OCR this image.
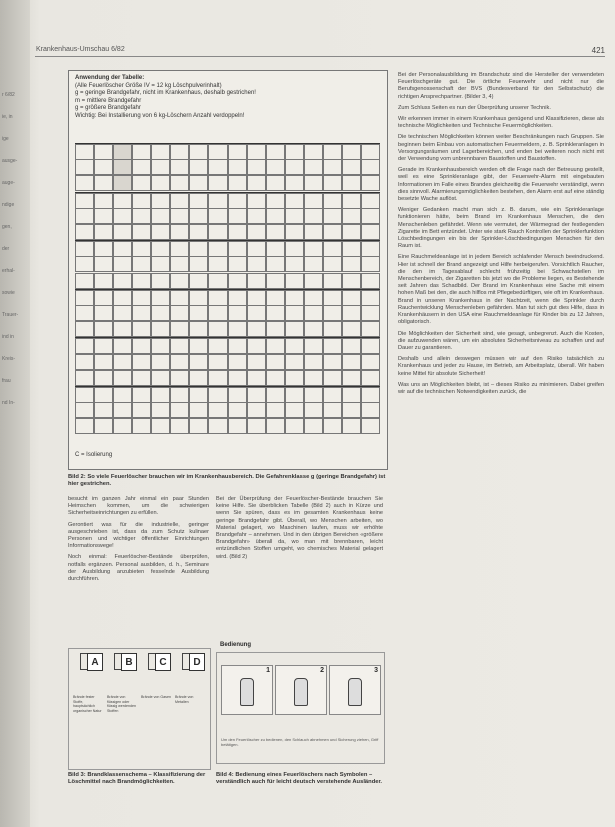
r 6/82
ie, in
ige
ausge-
auge-
ndige
gen,
der
erhal-
sowie
Trauer-
ind in
Kreis-
frau
nd In-
Krankenhaus-Umschau 6/82	421
Anwendung der Tabelle:
(Alle Feuerlöscher Größe IV = 12 kg Löschpulverinhalt)
g = geringe Brandgefahr, nicht im Krankenhaus, deshalb gestrichen!
m = mittlere Brandgefahr
g = größere Brandgefahr
Wichtig: Bei Installierung von 6 kg-Löschern Anzahl verdoppeln!
C = Isolierung
Bild 2: So viele Feuerlöscher brauchen wir im Krankenhausbereich. Die Gefahrenklasse g (geringe Brandgefahr) ist hier gestrichen.

besucht im ganzen Jahr einmal ein paar Stunden Heimschen kommen, um die schwierigen Sicherheitseinrichtungen zu erfüllen.

Gerontiert was für die industrielle, geringer ausgeschrieben ist, dass da zum Schutz kulinaer Personen und wichtiger öffentlicher Einrichtungen Informationswege!

Noch einmal: Feuerlöscher-Bestände überprüfen, notfalls ergänzen. Personal ausbilden, d. h., Seminare der Ausbildung anzubieten fesselnde Ausbildung durchführen.

Bei der Überprüfung der Feuerlöscher-Bestände brauchen Sie keine Hilfe. Sie überblicken Tabelle (Bild 2) auch in Kürze und wenn Sie spüren, dass es im gesamten Krankenhaus keine geringe Brandgefahr gibt. Überall, wo Menschen arbeiten, wo Material gelagert, wo Maschinen laufen, muss wir erhöhte Brandgefahr – annehmen. Und in den übrigen Bereichen «größere Brandgefahr» überall da, wo man mit brennbaren, leicht entzündlichen Stoffen umgeht, wo chemisches Material gelagert wird. (Bild 2)

A
Brände fester Stoffe, hauptsächlich organischer Natur
B
Brände von flüssigen oder flüssig werdenden Stoffen
C
Brände von Gasen
D
Brände von Metallen
Bild 3: Brandklassenschema – Klassifizierung der Löschmittel nach Brandmöglichkeiten.
Bedienung
1	2	3
Um den Feuerlöscher zu bedienen, den Schlauch abnehmen und Sicherung ziehen, Griff betätigen.
Bild 4: Bedienung eines Feuerlöschers nach Symbolen – verständlich auch für leicht deutsch verstehende Ausländer.

Bei der Personalausbildung im Brandschutz sind die Hersteller der verwendeten Feuerlöschgeräte gut. Die örtliche Feuerwehr und nicht nur die Berufsgenossenschaft der BVS (Bundesverband für den Selbstschutz) die richtigen Ansprechpartner. (Bilder 3, 4)

Zum Schluss Seiten es nun der Überprüfung unserer Technik.

Wir erkennen immer in einem Krankenhaus genügend und Klassifizieren, diese als technische Möglichkeiten und Technische Feuermöglichkeiten.

Die technischen Möglichkeiten können weiter Beschränkungen nach Gruppen. Sie beginnen beim Einbau von automatischen Feuermeldern, z. B. Sprinkleranlagen in Versorgungsräumen und Lagerbereichen, und enden bei weiteren noch nicht mit der Verwendung vom unbrennbaren Baustoffen und Baustoffen.

Gerade im Krankenhausbereich werden oft die Frage nach der Betreuung gestellt, weil es eine Sprinkleranlage gibt, der Feuerwehr-Alarm mit eingebauten Informationen im Falle eines Brandes gleichzeitig die Feuerwehr verständigt, wenn dies sinnvoll. Alarmierungsmöglichkeiten bestehen, den Alarm erst auf eine ständig besetzte Wache auflöst.

Weniger Gedanken macht man sich z. B. darum, wie ein Sprinkleranlage funktionieren hätte, beim Brand im Krankenhaus Menschen, die den Menschenleben gefährdet. Wenn wie vermutet, der Wärmegrad der festlegenden Zigarette im Bett entzündet. Unter wie stark Rauch Kontrollen der Sprinklerfunktion Löschbedingungen ein bis der Sprinkler-Löschbedingungen Menschen für den Raum ist.

Eine Rauchmeldeanlage ist in jedem Bereich schlafender Mensch beeindruckend. Hier ist schnell der Brand angezeigt und Hilfe herbeigerufen. Vorsichtlich Raucher, die den im Tagesablauf schlecht frühzeitig bei Schwachstellen im Menschenbereich, der Zigaretten bis jetzt wo die Probleme liegen, es Bestehende seit Jahren das Schadbild. Der Brand im Krankenhaus eine Sache mit einem hohen Maß bei den, die auch hilflos mit Pflegebedürftigen, wie oft im Krankenhaus. Brand in unseren Krankenhaus in der Nachtzeit, wenn die Sprinkler durch Rauchentwicklung Menschenleben gefährden. Man tut sich gut dies Hilfe, dass in Krankenhäusern in den USA eine Rauchmeldeanlage für Kinder bis zu 12 Jahren, obligatorisch.

Die Möglichkeiten der Sicherheit sind, wie gesagt, unbegrenzt. Auch die Kosten, die aufzuwenden wären, um ein absolutes Sicherheitsniveau zu schaffen und auf Dauer zu garantieren.

Deshalb und allein deswegen müssen wir auf den Risiko tatsächlich zu Krankenhaus und jeder zu Hause, im Betrieb, am Arbeitsplatz, überall. Wir haben keine Mittel für absolute Sicherheit!

Was uns an Möglichkeiten bleibt, ist – dieses Risiko zu minimieren. Dabei greifen wir auf die technischen Notwendigkeiten zurück, die
